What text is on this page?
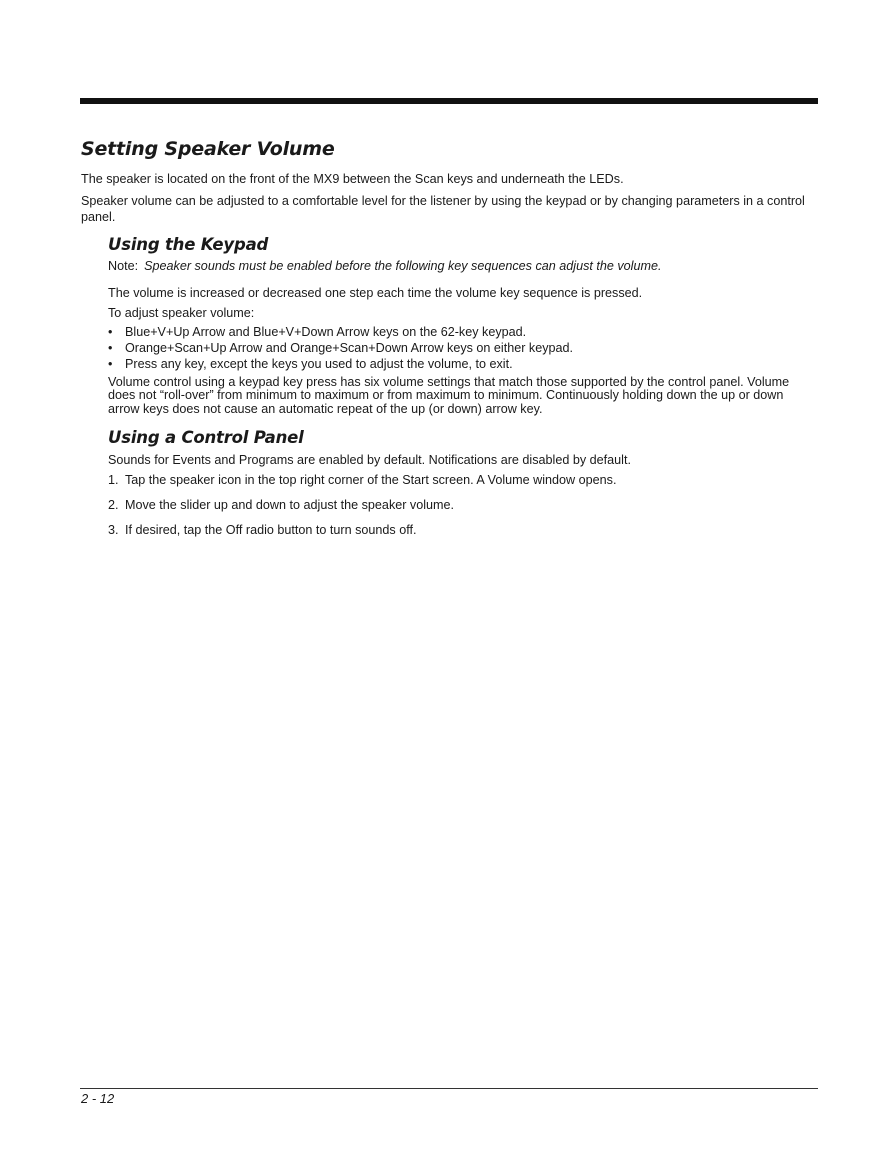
Setting Speaker Volume

The speaker is located on the front of the MX9 between the Scan keys and underneath the LEDs.

Speaker volume can be adjusted to a comfortable level for the listener by using the keypad or by changing parameters in a control panel.

Using the Keypad
Note: Speaker sounds must be enabled before the following key sequences can adjust the volume.

The volume is increased or decreased one step each time the volume key sequence is pressed.

To adjust speaker volume:

• Blue+V+Up Arrow and Blue+V+Down Arrow keys on the 62-key keypad.
• Orange+Scan+Up Arrow and Orange+Scan+Down Arrow keys on either keypad.
• Press any key, except the keys you used to adjust the volume, to exit.

Volume control using a keypad key press has six volume settings that match those supported by the control panel. Volume does not “roll-over” from minimum to maximum or from maximum to minimum. Continuously holding down the up or down arrow keys does not cause an automatic repeat of the up (or down) arrow key.

Using a Control Panel

Sounds for Events and Programs are enabled by default. Notifications are disabled by default.

1. Tap the speaker icon in the top right corner of the Start screen. A Volume window opens.
2. Move the slider up and down to adjust the speaker volume.
3. If desired, tap the Off radio button to turn sounds off.
2 - 12
